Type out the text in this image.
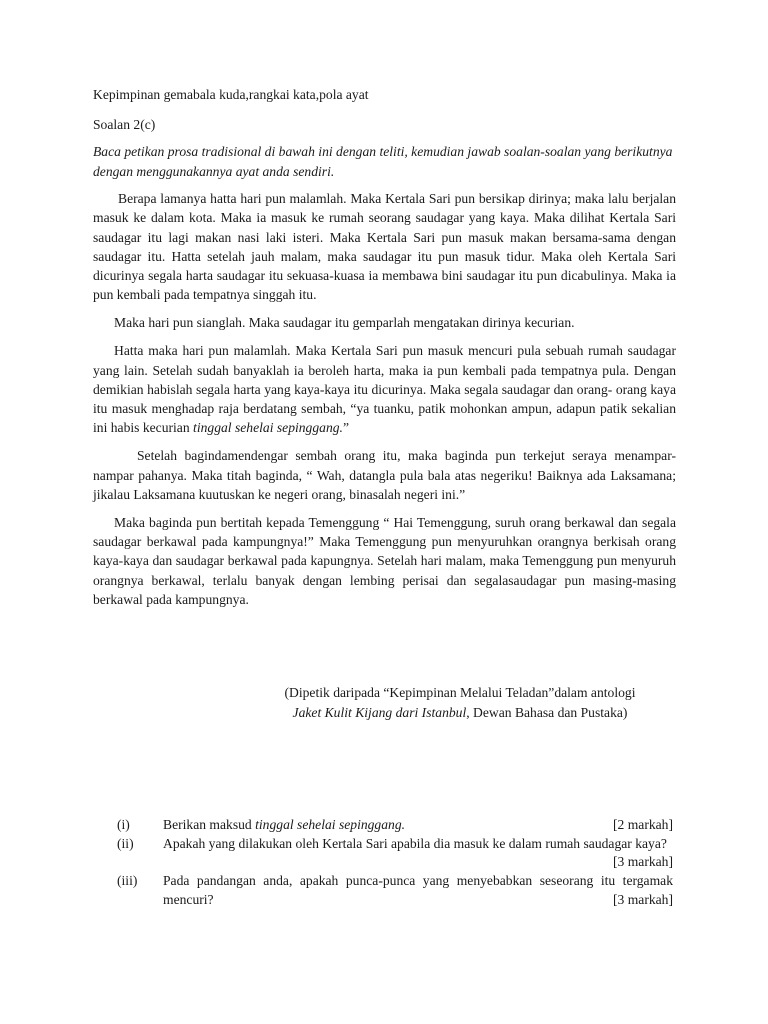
Kepimpinan gemabala kuda,rangkai kata,pola ayat
Soalan 2(c)
Baca petikan prosa tradisional di bawah ini dengan teliti, kemudian jawab soalan-soalan yang berikutnya dengan menggunakannya ayat anda sendiri.

Berapa lamanya hatta hari pun malamlah. Maka Kertala Sari pun bersikap dirinya; maka lalu berjalan masuk ke dalam kota. Maka ia masuk ke rumah seorang saudagar yang kaya. Maka dilihat Kertala Sari saudagar itu lagi makan nasi laki isteri. Maka Kertala Sari pun masuk makan bersama-sama dengan saudagar itu. Hatta setelah jauh malam, maka saudagar itu pun masuk tidur. Maka oleh Kertala Sari dicurinya segala harta saudagar itu sekuasa-kuasa ia membawa bini saudagar itu pun dicabulinya. Maka ia pun kembali pada tempatnya singgah itu.

Maka hari pun sianglah. Maka saudagar itu gemparlah mengatakan dirinya kecurian.

Hatta maka hari pun malamlah. Maka Kertala Sari pun masuk mencuri pula sebuah rumah saudagar yang lain. Setelah sudah banyaklah ia beroleh harta, maka ia pun kembali pada tempatnya pula. Dengan demikian habislah segala harta yang kaya-kaya itu dicurinya. Maka segala saudagar dan orang- orang kaya itu masuk menghadap raja berdatang sembah, “ya tuanku, patik mohonkan ampun, adapun patik sekalian ini habis kecurian tinggal sehelai sepinggang.”

Setelah bagindamendengar sembah orang itu, maka baginda pun terkejut seraya menampar-nampar pahanya. Maka titah baginda, “ Wah, datangla pula bala atas negeriku! Baiknya ada Laksamana; jikalau Laksamana kuutuskan ke negeri orang, binasalah negeri ini.”

Maka baginda pun bertitah kepada Temenggung “ Hai Temenggung, suruh orang berkawal dan segala saudagar berkawal pada kampungnya!” Maka Temenggung pun menyuruhkan orangnya berkisah orang kaya-kaya dan saudagar berkawal pada kapungnya. Setelah hari malam, maka Temenggung pun menyuruh orangnya berkawal, terlalu banyak dengan lembing perisai dan segalasaudagar pun masing-masing berkawal pada kampungnya.

(Dipetik daripada “Kepimpinan Melalui Teladan”dalam antologi
Jaket Kulit Kijang dari Istanbul, Dewan Bahasa dan Pustaka)
(i)	Berikan maksud tinggal sehelai sepinggang.	[2 markah]
(ii)	Apakah yang dilakukan oleh Kertala Sari apabila dia masuk ke dalam rumah saudagar kaya?
[3 markah]
(iii)	Pada pandangan anda, apakah punca-punca yang menyebabkan seseorang itu tergamak mencuri?	[3 markah]
